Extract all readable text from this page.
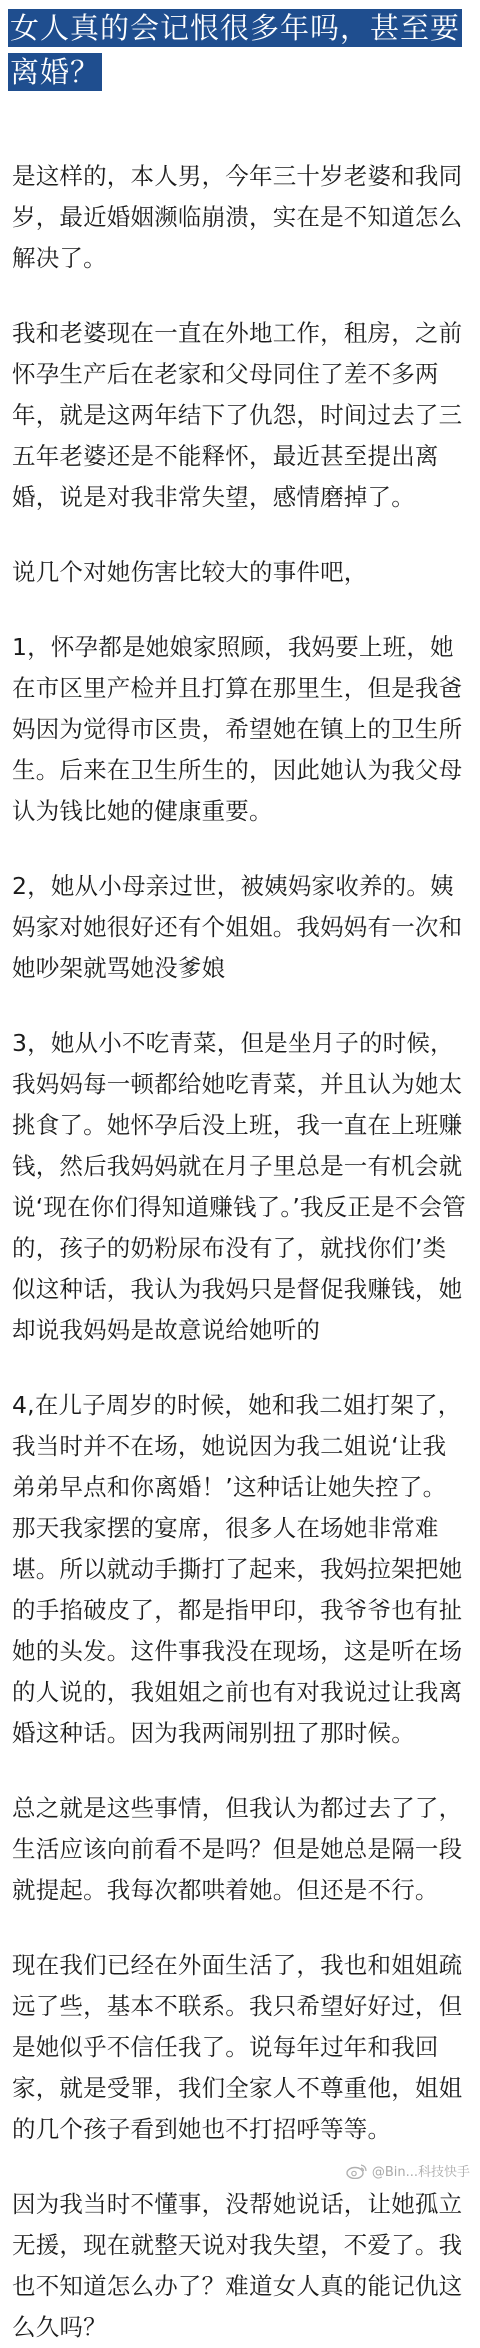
女人真的会记恨很多年吗，甚至要离婚？

是这样的，本人男，今年三十岁老婆和我同岁，最近婚姻濒临崩溃，实在是不知道怎么解决了。

我和老婆现在一直在外地工作，租房，之前怀孕生产后在老家和父母同住了差不多两年，就是这两年结下了仇怨，时间过去了三五年老婆还是不能释怀，最近甚至提出离婚，说是对我非常失望，感情磨掉了。

说几个对她伤害比较大的事件吧，

1，怀孕都是她娘家照顾，我妈要上班，她在市区里产检并且打算在那里生，但是我爸妈因为觉得市区贵，希望她在镇上的卫生所生。后来在卫生所生的，因此她认为我父母认为钱比她的健康重要。

2，她从小母亲过世，被姨妈家收养的。姨妈家对她很好还有个姐姐。我妈妈有一次和她吵架就骂她没爹娘

3，她从小不吃青菜，但是坐月子的时候，我妈妈每一顿都给她吃青菜，并且认为她太挑食了。她怀孕后没上班，我一直在上班赚钱，然后我妈妈就在月子里总是一有机会就说‘现在你们得知道赚钱了。’我反正是不会管的，孩子的奶粉尿布没有了，就找你们’类似这种话，我认为我妈只是督促我赚钱，她却说我妈妈是故意说给她听的

4,在儿子周岁的时候，她和我二姐打架了，我当时并不在场，她说因为我二姐说‘让我弟弟早点和你离婚！’这种话让她失控了。那天我家摆的宴席，很多人在场她非常难堪。所以就动手撕打了起来，我妈拉架把她的手掐破皮了，都是指甲印，我爷爷也有扯她的头发。这件事我没在现场，这是听在场的人说的，我姐姐之前也有对我说过让我离婚这种话。因为我两闹别扭了那时候。

总之就是这些事情，但我认为都过去了了，生活应该向前看不是吗？但是她总是隔一段就提起。我每次都哄着她。但还是不行。

现在我们已经在外面生活了，我也和姐姐疏远了些，基本不联系。我只希望好好过，但是她似乎不信任我了。说每年过年和我回家，就是受罪，我们全家人不尊重他，姐姐的几个孩子看到她也不打招呼等等。

因为我当时不懂事，没帮她说话，让她孤立无援，现在就整天说对我失望，不爱了。我也不知道怎么办了？难道女人真的能记仇这么久吗？

@Bin...科技快手
